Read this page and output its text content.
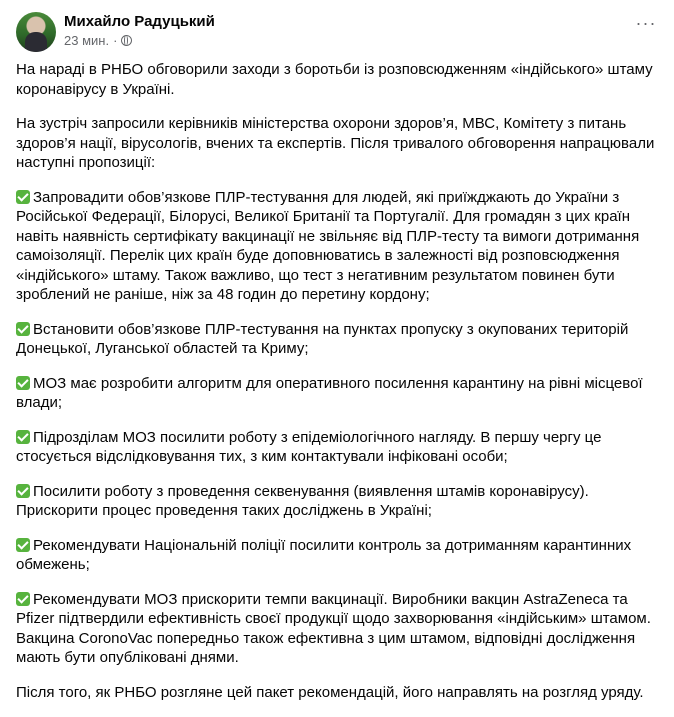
Михайло Радуцький
23 мин. ·
···

На нараді в РНБО обговорили заходи з боротьби із розповсюдженням «індійського» штаму коронавірусу в Україні.

На зустріч запросили керівників міністерства охорони здоров’я, МВС, Комітету з питань здоров’я нації, вірусологів, вчених та експертів. Після тривалого обговорення напрацювали наступні пропозиції:

Запровадити обов’язкове ПЛР-тестування для людей, які приїжджають до України з Російської Федерації, Білорусі, Великої Британії та Португалії. Для громадян з цих країн навіть наявність сертифікату вакцинації не звільняє від ПЛР-тесту та вимоги дотримання самоізоляції. Перелік цих країн буде доповнюватись в залежності від розповсюдження «індійського» штаму. Також важливо, що тест з негативним результатом повинен бути зроблений не раніше, ніж за 48 годин до перетину кордону;

Встановити обов’язкове ПЛР-тестування на пунктах пропуску з окупованих територій Донецької, Луганської областей та Криму;

МОЗ має розробити алгоритм для оперативного посилення карантину на рівні місцевої влади;

Підрозділам МОЗ посилити роботу з епідеміологічного нагляду. В першу чергу це стосується відслідковування тих, з ким контактували інфіковані особи;

Посилити роботу з проведення секвенування (виявлення штамів коронавірусу). Прискорити процес проведення таких досліджень в Україні;

Рекомендувати Національній поліції посилити контроль за дотриманням карантинних обмежень;

Рекомендувати МОЗ прискорити темпи вакцинації. Виробники вакцин AstraZeneca та Pfizer підтвердили ефективність своєї продукції щодо захворювання «індійським» штамом. Вакцина CoronoVac попередньо також ефективна з цим штамом, відповідні дослідження мають бути опубліковані днями.

Після того, як РНБО розгляне цей пакет рекомендацій, його направлять на розгляд уряду.
